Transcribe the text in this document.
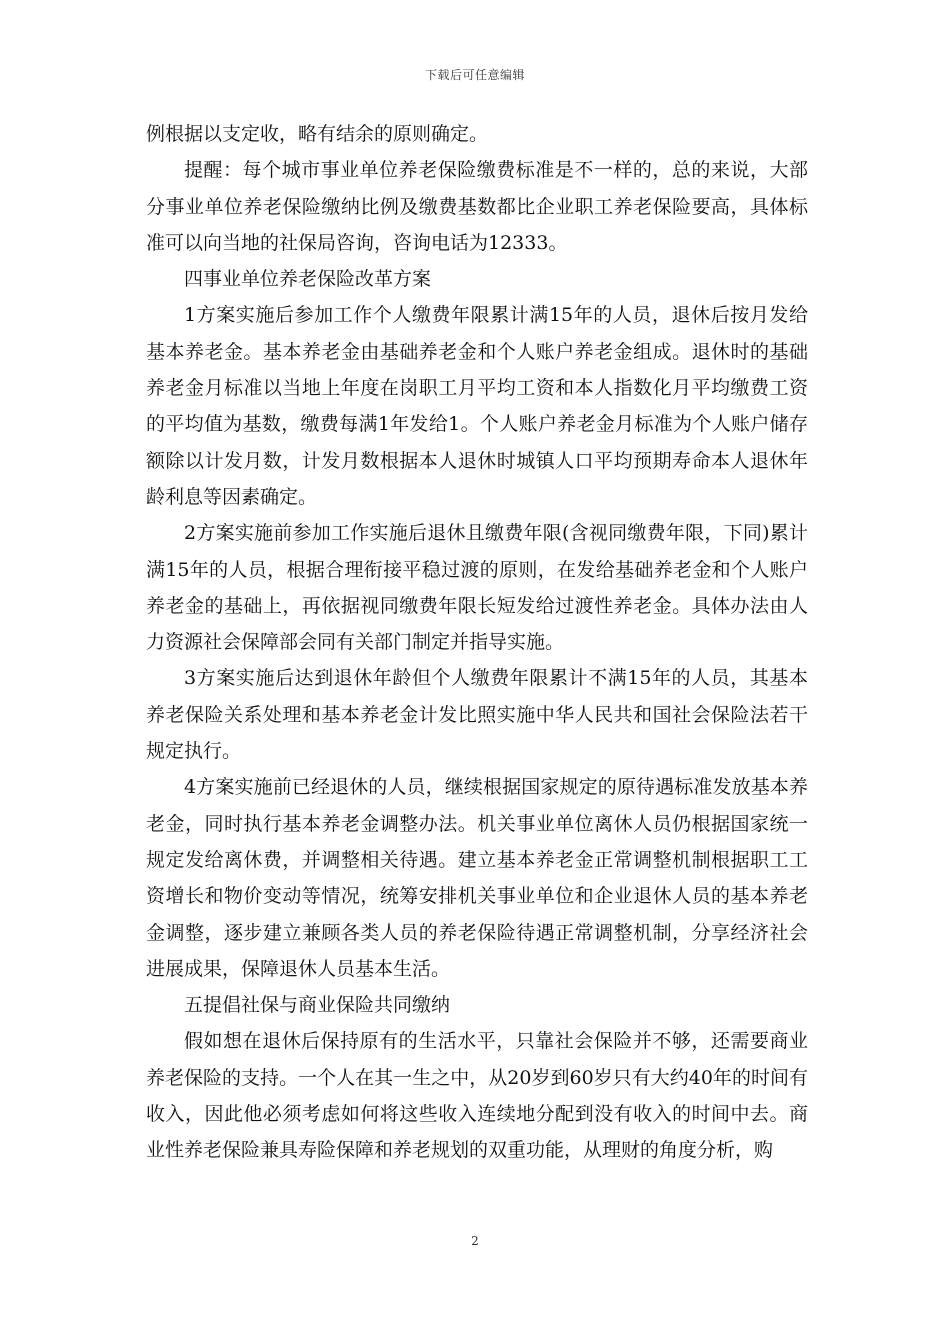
下载后可任意编辑

例根据以支定收，略有结余的原则确定。

提醒：每个城市事业单位养老保险缴费标准是不一样的，总的来说，大部分事业单位养老保险缴纳比例及缴费基数都比企业职工养老保险要高，具体标准可以向当地的社保局咨询，咨询电话为12333。

四事业单位养老保险改革方案

1方案实施后参加工作个人缴费年限累计满15年的人员，退休后按月发给基本养老金。基本养老金由基础养老金和个人账户养老金组成。退休时的基础养老金月标准以当地上年度在岗职工月平均工资和本人指数化月平均缴费工资的平均值为基数，缴费每满1年发给1。个人账户养老金月标准为个人账户储存额除以计发月数，计发月数根据本人退休时城镇人口平均预期寿命本人退休年龄利息等因素确定。

2方案实施前参加工作实施后退休且缴费年限(含视同缴费年限，下同)累计满15年的人员，根据合理衔接平稳过渡的原则，在发给基础养老金和个人账户养老金的基础上，再依据视同缴费年限长短发给过渡性养老金。具体办法由人力资源社会保障部会同有关部门制定并指导实施。

3方案实施后达到退休年龄但个人缴费年限累计不满15年的人员，其基本养老保险关系处理和基本养老金计发比照实施中华人民共和国社会保险法若干规定执行。

4方案实施前已经退休的人员，继续根据国家规定的原待遇标准发放基本养老金，同时执行基本养老金调整办法。机关事业单位离休人员仍根据国家统一规定发给离休费，并调整相关待遇。建立基本养老金正常调整机制根据职工工资增长和物价变动等情况，统筹安排机关事业单位和企业退休人员的基本养老金调整，逐步建立兼顾各类人员的养老保险待遇正常调整机制，分享经济社会进展成果，保障退休人员基本生活。

五提倡社保与商业保险共同缴纳

假如想在退休后保持原有的生活水平，只靠社会保险并不够，还需要商业养老保险的支持。一个人在其一生之中，从20岁到60岁只有大约40年的时间有收入，因此他必须考虑如何将这些收入连续地分配到没有收入的时间中去。商业性养老保险兼具寿险保障和养老规划的双重功能，从理财的角度分析，购

2
